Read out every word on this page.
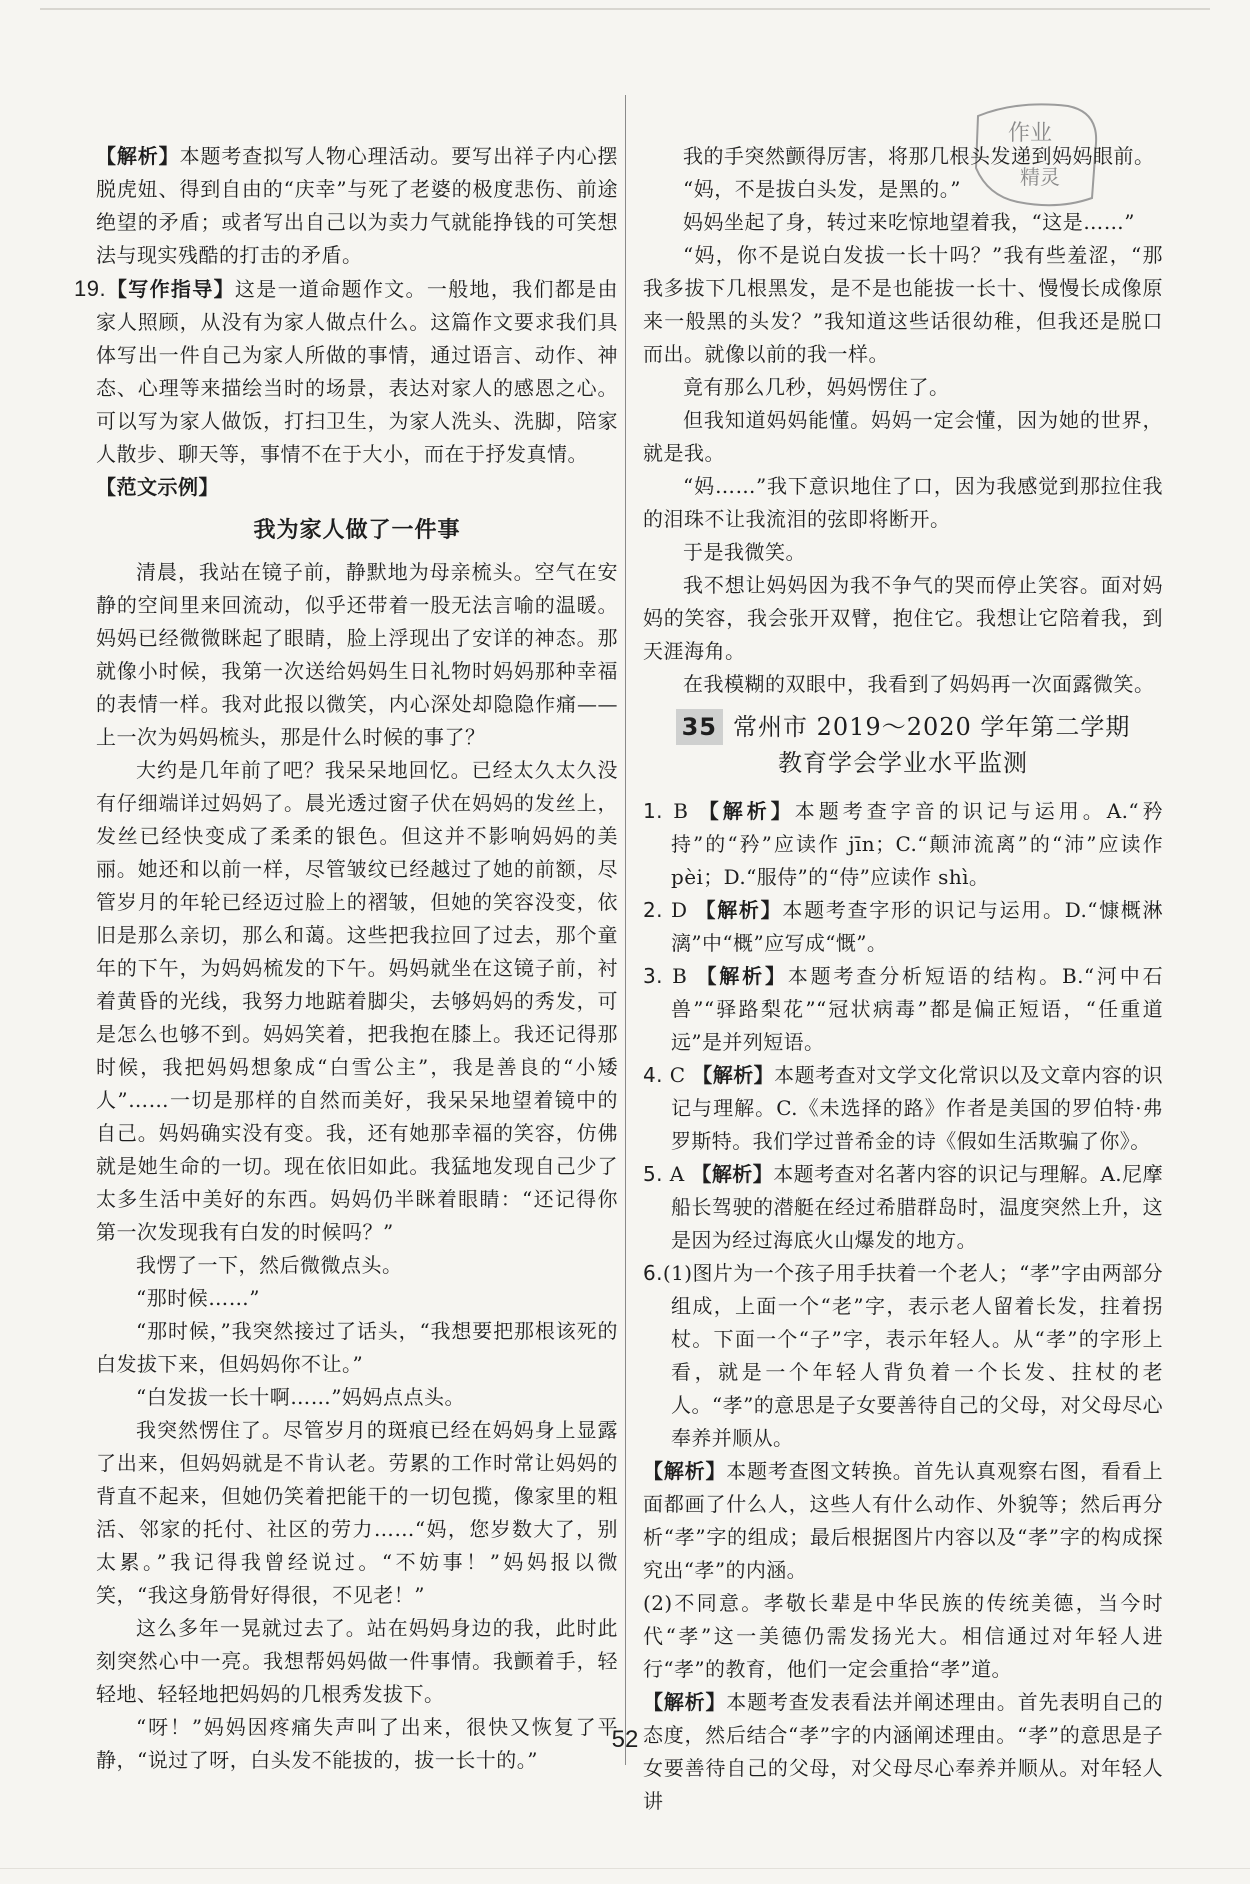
作业
精灵

【解析】本题考查拟写人物心理活动。要写出祥子内心摆脱虎妞、得到自由的“庆幸”与死了老婆的极度悲伤、前途绝望的矛盾；或者写出自己以为卖力气就能挣钱的可笑想法与现实残酷的打击的矛盾。

19.【写作指导】这是一道命题作文。一般地，我们都是由家人照顾，从没有为家人做点什么。这篇作文要求我们具体写出一件自己为家人所做的事情，通过语言、动作、神态、心理等来描绘当时的场景，表达对家人的感恩之心。可以写为家人做饭，打扫卫生，为家人洗头、洗脚，陪家人散步、聊天等，事情不在于大小，而在于抒发真情。

【范文示例】

我为家人做了一件事

清晨，我站在镜子前，静默地为母亲梳头。空气在安静的空间里来回流动，似乎还带着一股无法言喻的温暖。妈妈已经微微眯起了眼睛，脸上浮现出了安详的神态。那就像小时候，我第一次送给妈妈生日礼物时妈妈那种幸福的表情一样。我对此报以微笑，内心深处却隐隐作痛——上一次为妈妈梳头，那是什么时候的事了？

大约是几年前了吧？我呆呆地回忆。已经太久太久没有仔细端详过妈妈了。晨光透过窗子伏在妈妈的发丝上，发丝已经快变成了柔柔的银色。但这并不影响妈妈的美丽。她还和以前一样，尽管皱纹已经越过了她的前额，尽管岁月的年轮已经迈过脸上的褶皱，但她的笑容没变，依旧是那么亲切，那么和蔼。这些把我拉回了过去，那个童年的下午，为妈妈梳发的下午。妈妈就坐在这镜子前，衬着黄昏的光线，我努力地踮着脚尖，去够妈妈的秀发，可是怎么也够不到。妈妈笑着，把我抱在膝上。我还记得那时候，我把妈妈想象成“白雪公主”，我是善良的“小矮人”……一切是那样的自然而美好，我呆呆地望着镜中的自己。妈妈确实没有变。我，还有她那幸福的笑容，仿佛就是她生命的一切。现在依旧如此。我猛地发现自己少了太多生活中美好的东西。妈妈仍半眯着眼睛：“还记得你第一次发现我有白发的时候吗？”

我愣了一下，然后微微点头。

“那时候……”

“那时候，”我突然接过了话头，“我想要把那根该死的白发拔下来，但妈妈你不让。”

“白发拔一长十啊……”妈妈点点头。

我突然愣住了。尽管岁月的斑痕已经在妈妈身上显露了出来，但妈妈就是不肯认老。劳累的工作时常让妈妈的背直不起来，但她仍笑着把能干的一切包揽，像家里的粗活、邻家的托付、社区的劳力……“妈，您岁数大了，别太累。”我记得我曾经说过。“不妨事！”妈妈报以微笑，“我这身筋骨好得很，不见老！”

这么多年一晃就过去了。站在妈妈身边的我，此时此刻突然心中一亮。我想帮妈妈做一件事情。我颤着手，轻轻地、轻轻地把妈妈的几根秀发拔下。

“呀！”妈妈因疼痛失声叫了出来，很快又恢复了平静，“说过了呀，白头发不能拔的，拔一长十的。”

我的手突然颤得厉害，将那几根头发递到妈妈眼前。

“妈，不是拔白头发，是黑的。”

妈妈坐起了身，转过来吃惊地望着我，“这是……”

“妈，你不是说白发拔一长十吗？”我有些羞涩，“那我多拔下几根黑发，是不是也能拔一长十、慢慢长成像原来一般黑的头发？”我知道这些话很幼稚，但我还是脱口而出。就像以前的我一样。

竟有那么几秒，妈妈愣住了。

但我知道妈妈能懂。妈妈一定会懂，因为她的世界，就是我。

“妈……”我下意识地住了口，因为我感觉到那拉住我的泪珠不让我流泪的弦即将断开。

于是我微笑。

我不想让妈妈因为我不争气的哭而停止笑容。面对妈妈的笑容，我会张开双臂，抱住它。我想让它陪着我，到天涯海角。

在我模糊的双眼中，我看到了妈妈再一次面露微笑。

35 常州市 2019～2020 学年第二学期
教育学会学业水平监测

1. B 【解析】本题考查字音的识记与运用。A.“矜持”的“矜”应读作 jīn；C.“颠沛流离”的“沛”应读作 pèi；D.“服侍”的“侍”应读作 shì。

2. D 【解析】本题考查字形的识记与运用。D.“慷概淋漓”中“概”应写成“慨”。

3. B 【解析】本题考查分析短语的结构。B.“河中石兽”“驿路梨花”“冠状病毒”都是偏正短语，“任重道远”是并列短语。

4. C 【解析】本题考查对文学文化常识以及文章内容的识记与理解。C.《未选择的路》作者是美国的罗伯特·弗罗斯特。我们学过普希金的诗《假如生活欺骗了你》。

5. A 【解析】本题考查对名著内容的识记与理解。A.尼摩船长驾驶的潜艇在经过希腊群岛时，温度突然上升，这是因为经过海底火山爆发的地方。

6.(1)图片为一个孩子用手扶着一个老人；“孝”字由两部分组成，上面一个“老”字，表示老人留着长发，拄着拐杖。下面一个“子”字，表示年轻人。从“孝”的字形上看，就是一个年轻人背负着一个长发、拄杖的老人。“孝”的意思是子女要善待自己的父母，对父母尽心奉养并顺从。

【解析】本题考查图文转换。首先认真观察右图，看看上面都画了什么人，这些人有什么动作、外貌等；然后再分析“孝”字的组成；最后根据图片内容以及“孝”字的构成探究出“孝”的内涵。

(2)不同意。孝敬长辈是中华民族的传统美德，当今时代“孝”这一美德仍需发扬光大。相信通过对年轻人进行“孝”的教育，他们一定会重拾“孝”道。

【解析】本题考查发表看法并阐述理由。首先表明自己的态度，然后结合“孝”字的内涵阐述理由。“孝”的意思是子女要善待自己的父母，对父母尽心奉养并顺从。对年轻人讲

52
